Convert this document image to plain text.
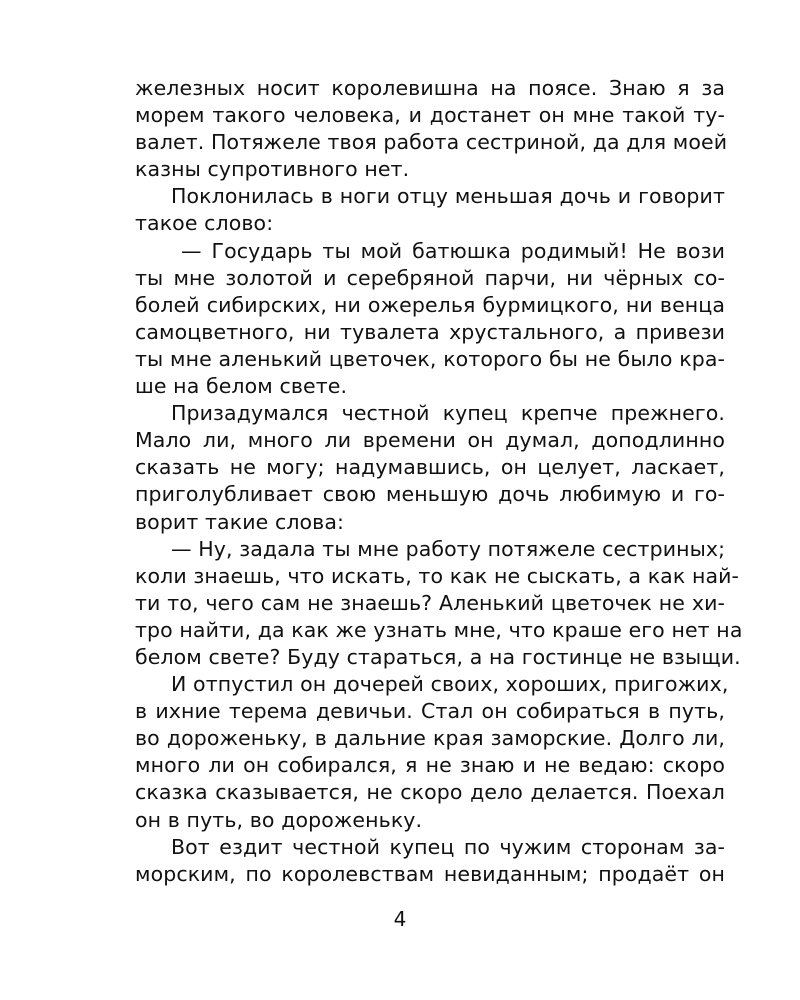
железных носит королевишна на поясе. Знаю я за
морем такого человека, и достанет он мне такой ту-
валет. Потяжеле твоя работа сестриной, да для моей
казны супротивного нет.
Поклонилась в ноги отцу меньшая дочь и говорит
такое слово:
— Государь ты мой батюшка родимый! Не вози
ты мне золотой и серебряной парчи, ни чёрных со-
болей сибирских, ни ожерелья бурмицкого, ни венца
самоцветного, ни тувалета хрустального, а привези
ты мне аленький цветочек, которого бы не было кра-
ше на белом свете.
Призадумался честной купец крепче прежнего.
Мало ли, много ли времени он думал, доподлинно
сказать не могу; надумавшись, он целует, ласкает,
приголубливает свою меньшую дочь любимую и го-
ворит такие слова:
— Ну, задала ты мне работу потяжеле сестриных;
коли знаешь, что искать, то как не сыскать, а как най-
ти то, чего сам не знаешь? Аленький цветочек не хи-
тро найти, да как же узнать мне, что краше его нет на
белом свете? Буду стараться, а на гостинце не взыщи.
И отпустил он дочерей своих, хороших, пригожих,
в ихние терема девичьи. Стал он собираться в путь,
во дороженьку, в дальние края заморские. Долго ли,
много ли он собирался, я не знаю и не ведаю: скоро
сказка сказывается, не скоро дело делается. Поехал
он в путь, во дороженьку.
Вот ездит честной купец по чужим сторонам за-
морским, по королевствам невиданным; продаёт он
4
